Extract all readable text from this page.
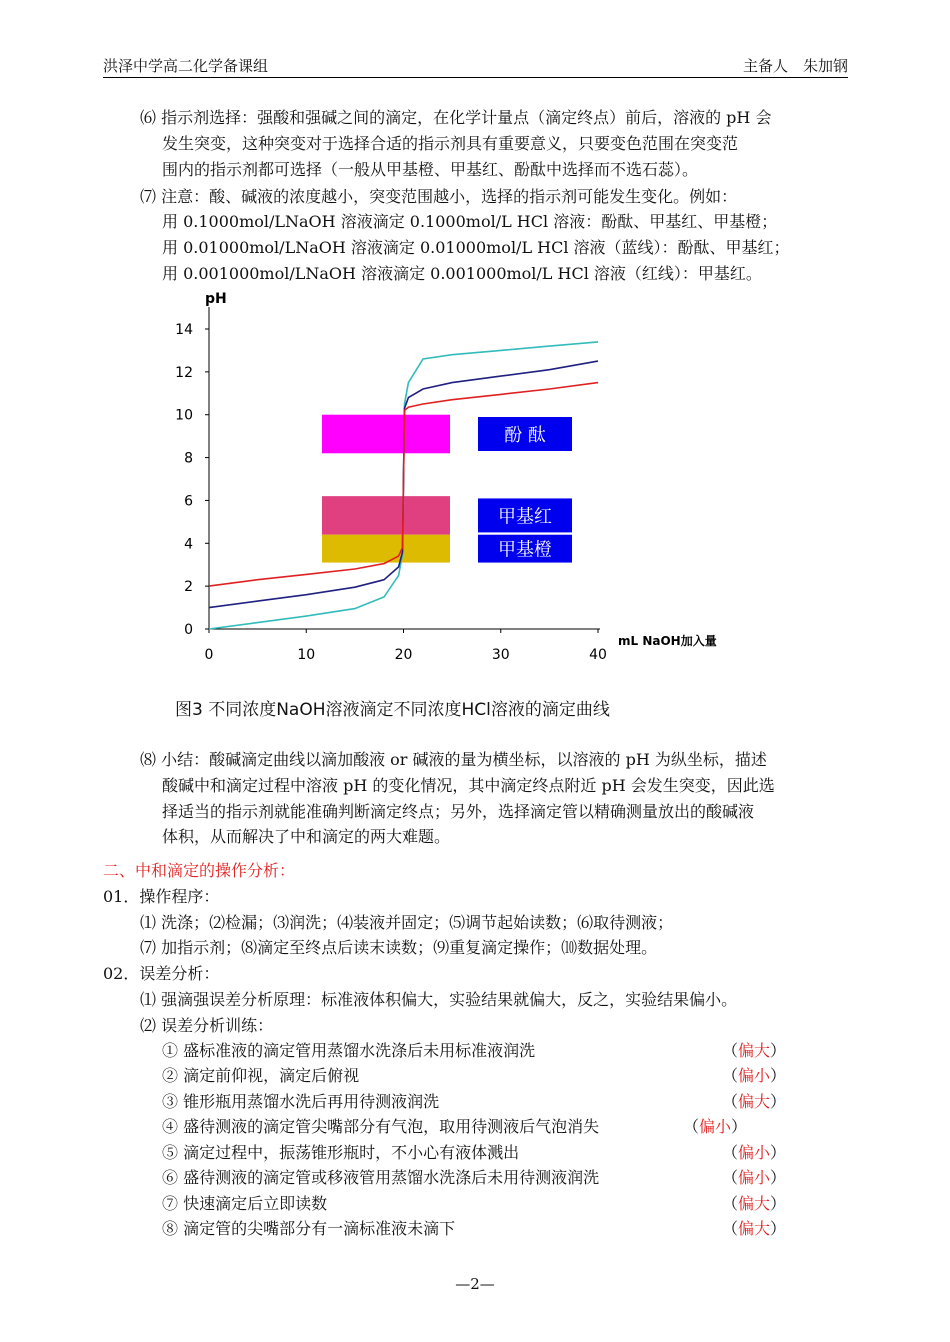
洪泽中学高二化学备课组	主备人　朱加钢
⑹ 指示剂选择：强酸和强碱之间的滴定，在化学计量点（滴定终点）前后，溶液的 pH 会
发生突变，这种突变对于选择合适的指示剂具有重要意义，只要变色范围在突变范
围内的指示剂都可选择（一般从甲基橙、甲基红、酚酞中选择而不选石蕊）。
⑺ 注意：酸、碱液的浓度越小，突变范围越小，选择的指示剂可能发生变化。例如：
用 0.1000mol/LNaOH 溶液滴定 0.1000mol/L HCl 溶液：酚酞、甲基红、甲基橙；
用 0.01000mol/LNaOH 溶液滴定 0.01000mol/L HCl 溶液（蓝线）：酚酞、甲基红；
用 0.001000mol/LNaOH 溶液滴定 0.001000mol/L HCl 溶液（红线）：甲基红。
pH
mL NaOH加入量
0
2
4
6
8
10
12
14
0	10	20	30	40
酚 酞
甲基红
甲基橙
图3 不同浓度NaOH溶液滴定不同浓度HCl溶液的滴定曲线
⑻ 小结：酸碱滴定曲线以滴加酸液 or 碱液的量为横坐标，以溶液的 pH 为纵坐标，描述
酸碱中和滴定过程中溶液 pH 的变化情况，其中滴定终点附近 pH 会发生突变，因此选
择适当的指示剂就能准确判断滴定终点；另外，选择滴定管以精确测量放出的酸碱液
体积，从而解决了中和滴定的两大难题。
二、中和滴定的操作分析：
01．操作程序：
⑴ 洗涤；⑵检漏；⑶润洗；⑷装液并固定；⑸调节起始读数；⑹取待测液；
⑺ 加指示剂；⑻滴定至终点后读末读数；⑼重复滴定操作；⑽数据处理。
02．误差分析：
⑴ 强滴强误差分析原理：标准液体积偏大，实验结果就偏大，反之，实验结果偏小。
⑵ 误差分析训练：
① 盛标准液的滴定管用蒸馏水洗涤后未用标准液润洗	（偏大）
② 滴定前仰视，滴定后俯视	（偏小）
③ 锥形瓶用蒸馏水洗后再用待测液润洗	（偏大）
④ 盛待测液的滴定管尖嘴部分有气泡，取用待测液后气泡消失	（偏小）
⑤ 滴定过程中，振荡锥形瓶时，不小心有液体溅出	（偏小）
⑥ 盛待测液的滴定管或移液管用蒸馏水洗涤后未用待测液润洗	（偏小）
⑦ 快速滴定后立即读数	（偏大）
⑧ 滴定管的尖嘴部分有一滴标准液未滴下	（偏大）
—2—
